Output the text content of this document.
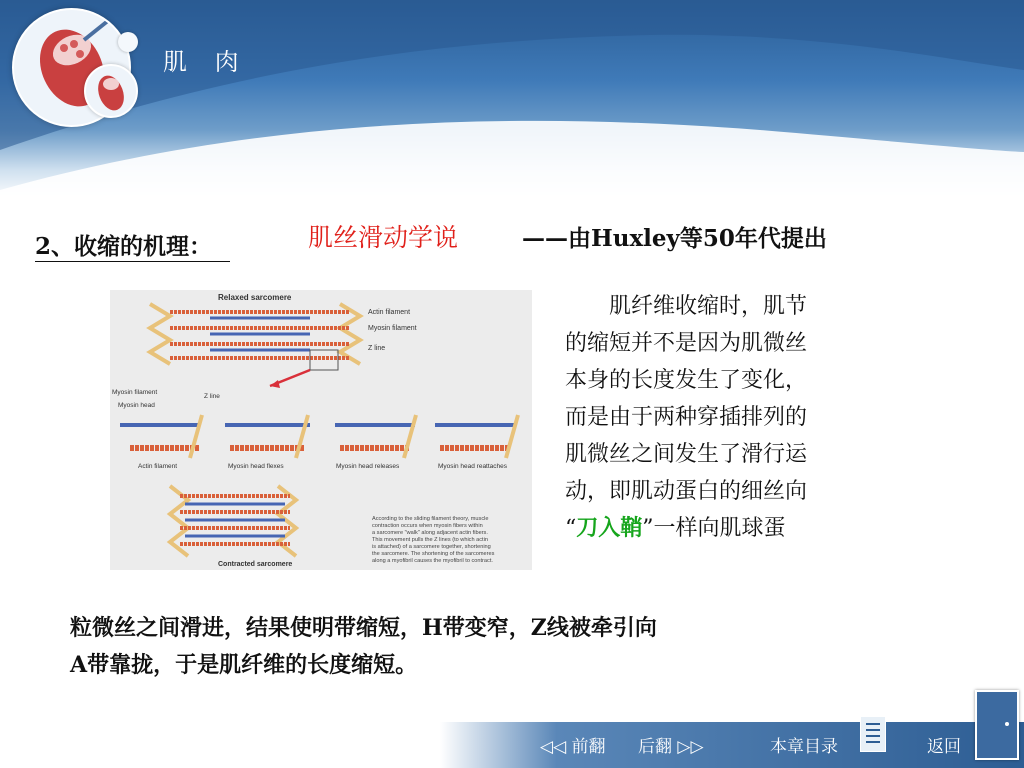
肌 肉
2、收缩的机理：	肌丝滑动学说	——由Huxley等50年代提出
Relaxed sarcomere
Actin filament
Myosin filament
Z line
Myosin filament
Myosin head
Z line
Actin filament	Myosin head flexes	Myosin head releases	Myosin head reattaches
Contracted sarcomere
According to the sliding filament theory, muscle
contraction occurs when myosin fibers within
a sarcomere "walk" along adjacent actin fibers.
This movement pulls the Z lines (to which actin
is attached) of a sarcomere together, shortening
the sarcomere. The shortening of the sarcomeres
along a myofibril causes the myofibril to contract.
　　肌纤维收缩时，肌节
的缩短并不是因为肌微丝
本身的长度发生了变化，
而是由于两种穿插排列的
肌微丝之间发生了滑行运
动，即肌动蛋白的细丝向
“刀入鞘”一样向肌球蛋
粒微丝之间滑进，结果使明带缩短，H带变窄，Z线被牵引向
A带靠拢，于是肌纤维的长度缩短。
◁◁ 前翻 后翻 ▷▷	本章目录	返回
